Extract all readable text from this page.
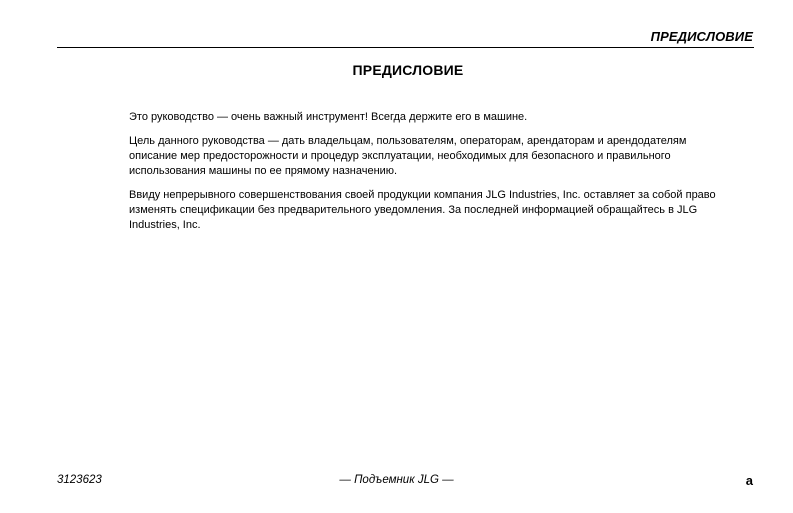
ПРЕДИСЛОВИЕ
ПРЕДИСЛОВИЕ

Это руководство — очень важный инструмент! Всегда держите его в машине.

Цель данного руководства — дать владельцам, пользователям, операторам, арендаторам и арендодателям описание мер предосторожности и процедур эксплуатации, необходимых для безопасного и правильного использования машины по ее прямому назначению.

Ввиду непрерывного совершенствования своей продукции компания JLG Industries, Inc. оставляет за собой право изменять спецификации без предварительного уведомления. За последней информацией обращайтесь в JLG Industries, Inc.

3123623	— Подъемник JLG —	a
